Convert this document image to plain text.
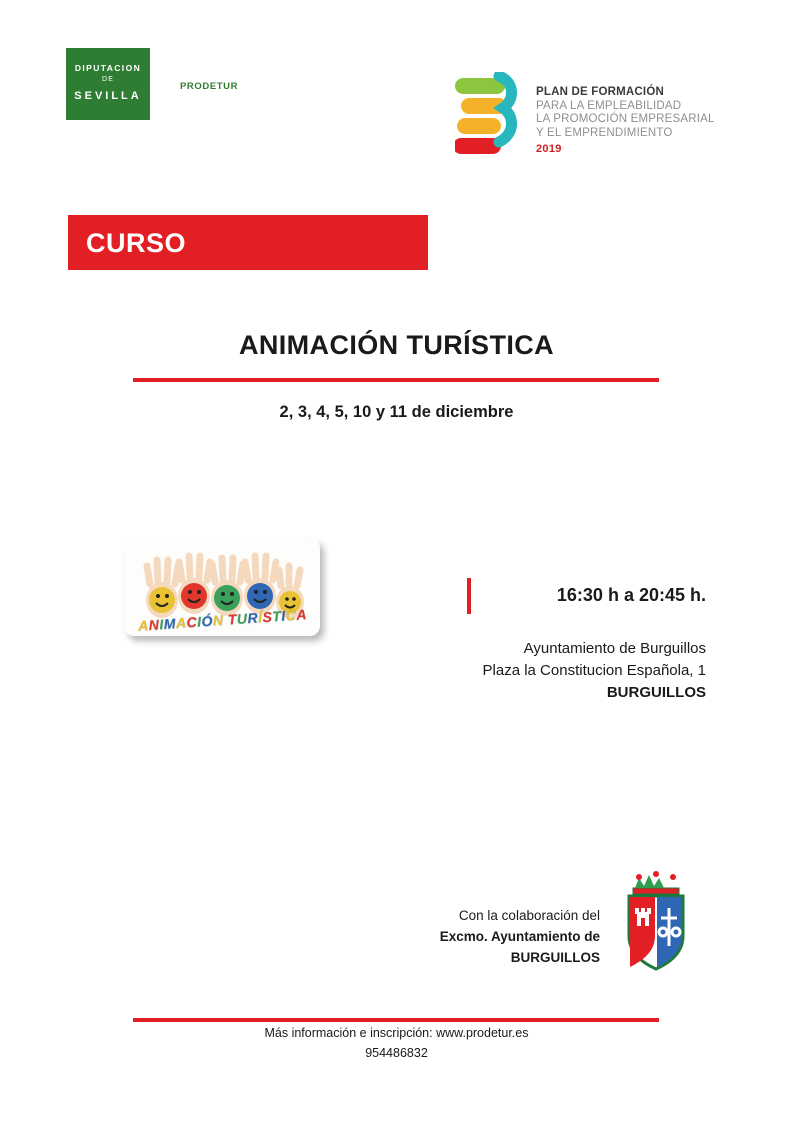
DIPUTACION
DE
SEVILLA
PRODETUR	PLAN DE FORMACIÓN
PARA LA EMPLEABILIDAD
LA PROMOCIÓN EMPRESARIAL
Y EL EMPRENDIMIENTO
2019
CURSO
ANIMACIÓN TURÍSTICA
2, 3, 4, 5, 10 y 11 de diciembre
ANIMACIÓN TURÍSTICA
16:30 h a 20:45 h.
Ayuntamiento de Burguillos
Plaza la Constitucion Española, 1
BURGUILLOS
Con la colaboración del
Excmo. Ayuntamiento de
BURGUILLOS
Más información e inscripción: www.prodetur.es
954486832
